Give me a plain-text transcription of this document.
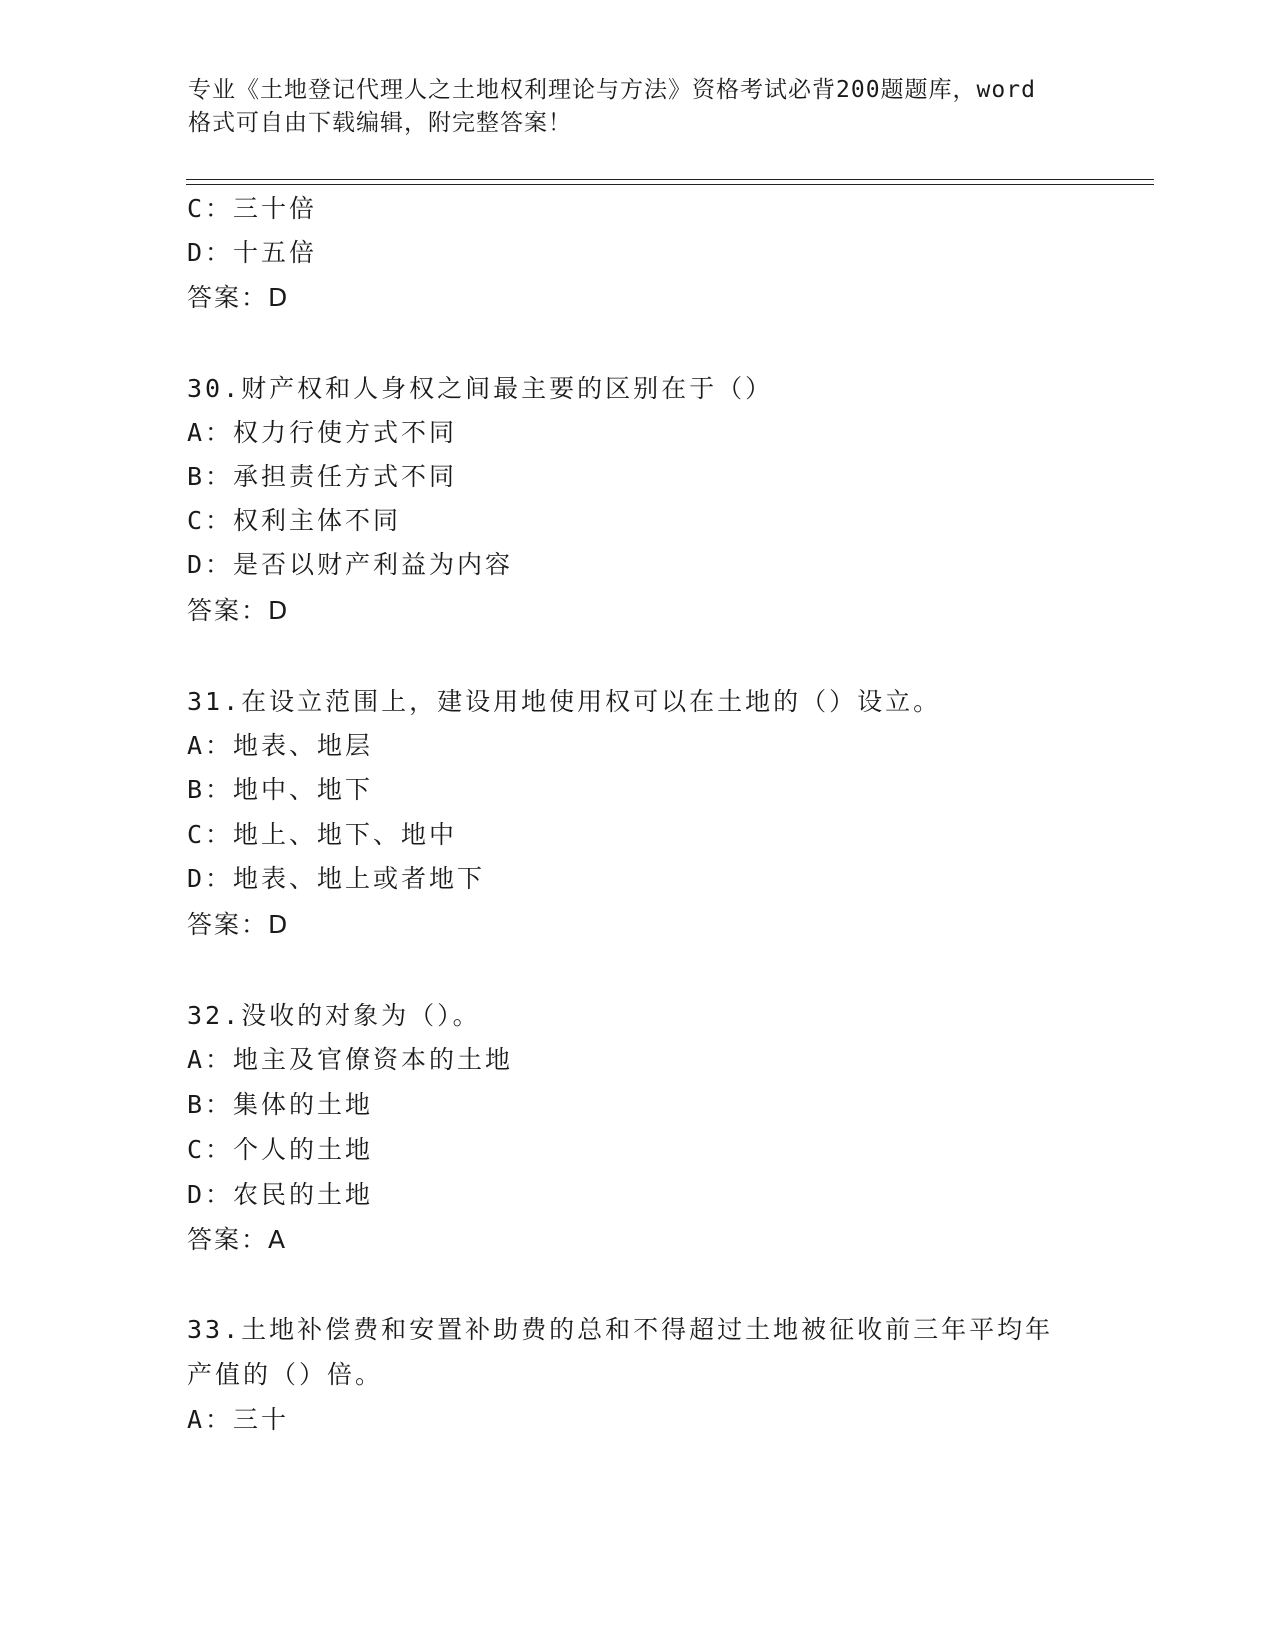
专业《土地登记代理人之土地权利理论与方法》资格考试必背200题题库，word
格式可自由下载编辑，附完整答案！
C：三十倍
D：十五倍
答案：D
30.财产权和人身权之间最主要的区别在于（）
A：权力行使方式不同
B：承担责任方式不同
C：权利主体不同
D：是否以财产利益为内容
答案：D
31.在设立范围上，建设用地使用权可以在土地的（）设立。
A：地表、地层
B：地中、地下
C：地上、地下、地中
D：地表、地上或者地下
答案：D
32.没收的对象为（）。
A：地主及官僚资本的土地
B：集体的土地
C：个人的土地
D：农民的土地
答案：A
33.土地补偿费和安置补助费的总和不得超过土地被征收前三年平均年
产值的（）倍。
A：三十
